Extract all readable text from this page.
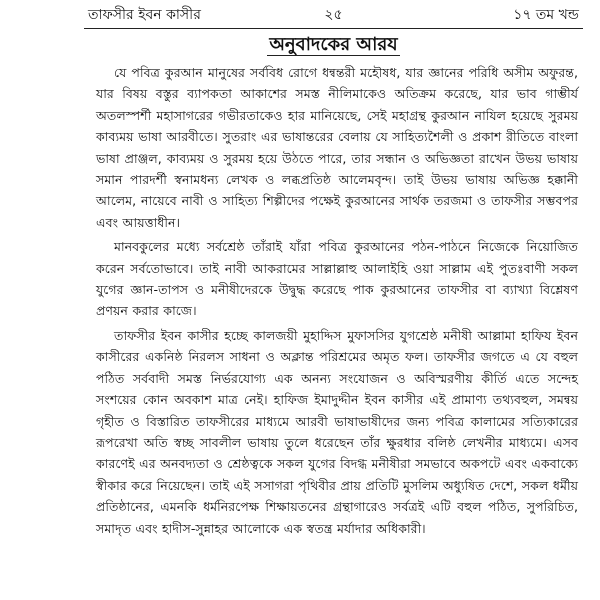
তাফসীর ইবন কাসীর	২৫	১৭ তম খন্ড
অনুবাদকের আরয

যে পবিত্র কুরআন মানুষের সর্ববিধ রোগে ধন্বন্তরী মহৌষধ, যার জ্ঞানের পরিধি অসীম অফুরন্ত, যার বিষয় বস্তুর ব্যাপকতা আকাশের সমস্ত নীলিমাকেও অতিক্রম করেছে, যার ভাব গাম্ভীর্য অতলস্পর্শী মহাসাগরের গভীরতাকেও হার মানিয়েছে, সেই মহাগ্রন্থ কুরআন নাযিল হয়েছে সুরময় কাব্যময় ভাষা আরবীতে। সুতরাং এর ভাষান্তরের বেলায় যে সাহিত্যশৈলী ও প্রকাশ রীতিতে বাংলা ভাষা প্রাঞ্জল, কাব্যময় ও সুরময় হয়ে উঠতে পারে, তার সন্ধান ও অভিজ্ঞতা রাখেন উভয় ভাষায় সমান পারদর্শী স্বনামধন্য লেখক ও লব্ধপ্রতিষ্ঠ আলেমবৃন্দ। তাই উভয় ভাষায় অভিজ্ঞ হক্কানী আলেম, নায়েবে নাবী ও সাহিত্য শিল্পীদের পক্ষেই কুরআনের সার্থক তরজমা ও তাফসীর সম্ভবপর এবং আয়ত্তাধীন।

মানবকুলের মধ্যে সর্বশ্রেষ্ঠ তাঁরাই যাঁরা পবিত্র কুরআনের পঠন-পাঠনে নিজেকে নিয়োজিত করেন সর্বতোভাবে। তাই নাবী আকরামের সাল্লাল্লাহু আলাইহি ওয়া সাল্লাম এই পুতঃবাণী সকল যুগের জ্ঞান-তাপস ও মনীষীদেরকে উদ্বুদ্ধ করেছে পাক কুরআনের তাফসীর বা ব্যাখ্যা বিশ্লেষণ প্রণয়ন করার কাজে।

তাফসীর ইবন কাসীর হচ্ছে কালজয়ী মুহাদ্দিস মুফাসসির যুগশ্রেষ্ঠ মনীষী আল্লামা হাফিয ইবন কাসীরের একনিষ্ঠ নিরলস সাধনা ও অক্লান্ত পরিশ্রমের অমৃত ফল। তাফসীর জগতে এ যে বহুল পঠিত সর্ববাদী সমস্ত নির্ভরযোগ্য এক অনন্য সংযোজন ও অবিস্মরণীয় কীর্তি এতে সন্দেহ সংশয়ের কোন অবকাশ মাত্র নেই। হাফিজ ইমাদুদ্দীন ইবন কাসীর এই প্রামাণ্য তথ্যবহুল, সমন্বয় গৃহীত ও বিস্তারিত তাফসীরের মাধ্যমে আরবী ভাষাভাষীদের জন্য পবিত্র কালামের সত্যিকারের রূপরেখা অতি স্বচ্ছ সাবলীল ভাষায় তুলে ধরেছেন তাঁর ক্ষুরধার বলিষ্ঠ লেখনীর মাধ্যমে। এসব কারণেই এর অনবদ্যতা ও শ্রেষ্ঠত্বকে সকল যুগের বিদগ্ধ মনীষীরা সমভাবে অকপটে এবং একবাক্যে স্বীকার করে নিয়েছেন। তাই এই সসাগরা পৃথিবীর প্রায় প্রতিটি মুসলিম অধ্যুষিত দেশে, সকল ধর্মীয় প্রতিষ্ঠানের, এমনকি ধর্মনিরপেক্ষ শিক্ষায়তনের গ্রন্থাগারেও সর্বত্রই এটি বহুল পঠিত, সুপরিচিত, সমাদৃত এবং হাদীস-সুন্নাহর আলোকে এক স্বতন্ত্র মর্যাদার অধিকারী।
